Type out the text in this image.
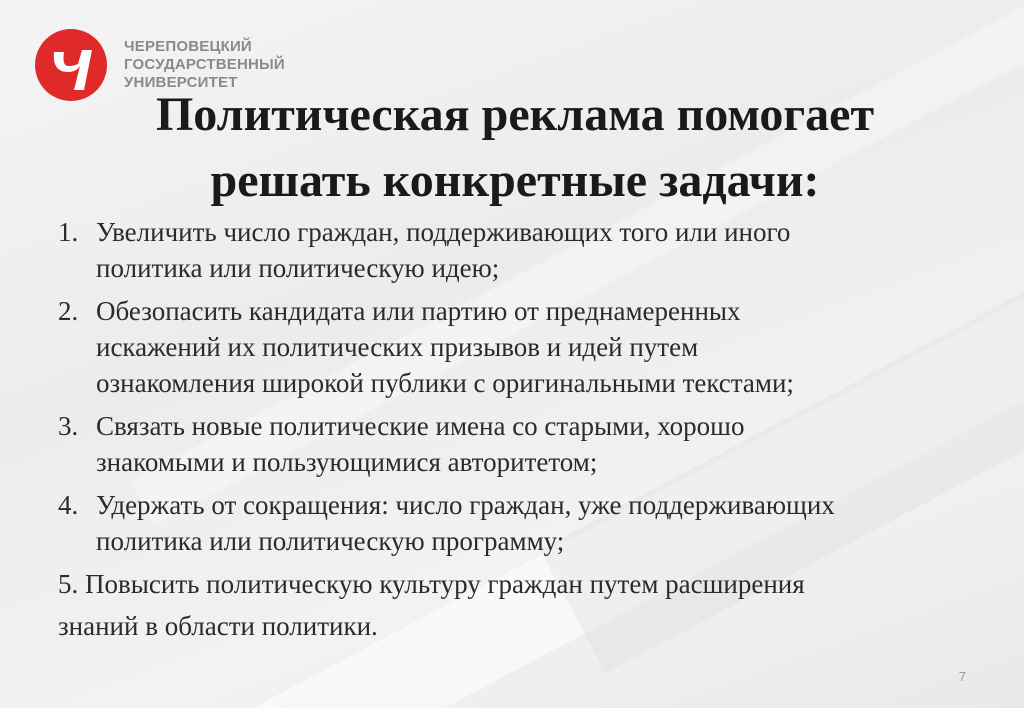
ЧЕРЕПОВЕЦКИЙ
ГОСУДАРСТВЕННЫЙ
УНИВЕРСИТЕТ
Политическая реклама помогает
решать конкретные задачи:
1. Увеличить число граждан, поддерживающих того или иного
политика или политическую идею;
2. Обезопасить кандидата или партию от преднамеренных
искажений их политических призывов и идей путем
ознакомления широкой публики с оригинальными текстами;
3. Связать новые политические имена со старыми, хорошо
знакомыми и пользующимися авторитетом;
4. Удержать от сокращения: число граждан, уже поддерживающих
политика или политическую программу;
5. Повысить политическую культуру граждан путем расширения
знаний в области политики.
7
